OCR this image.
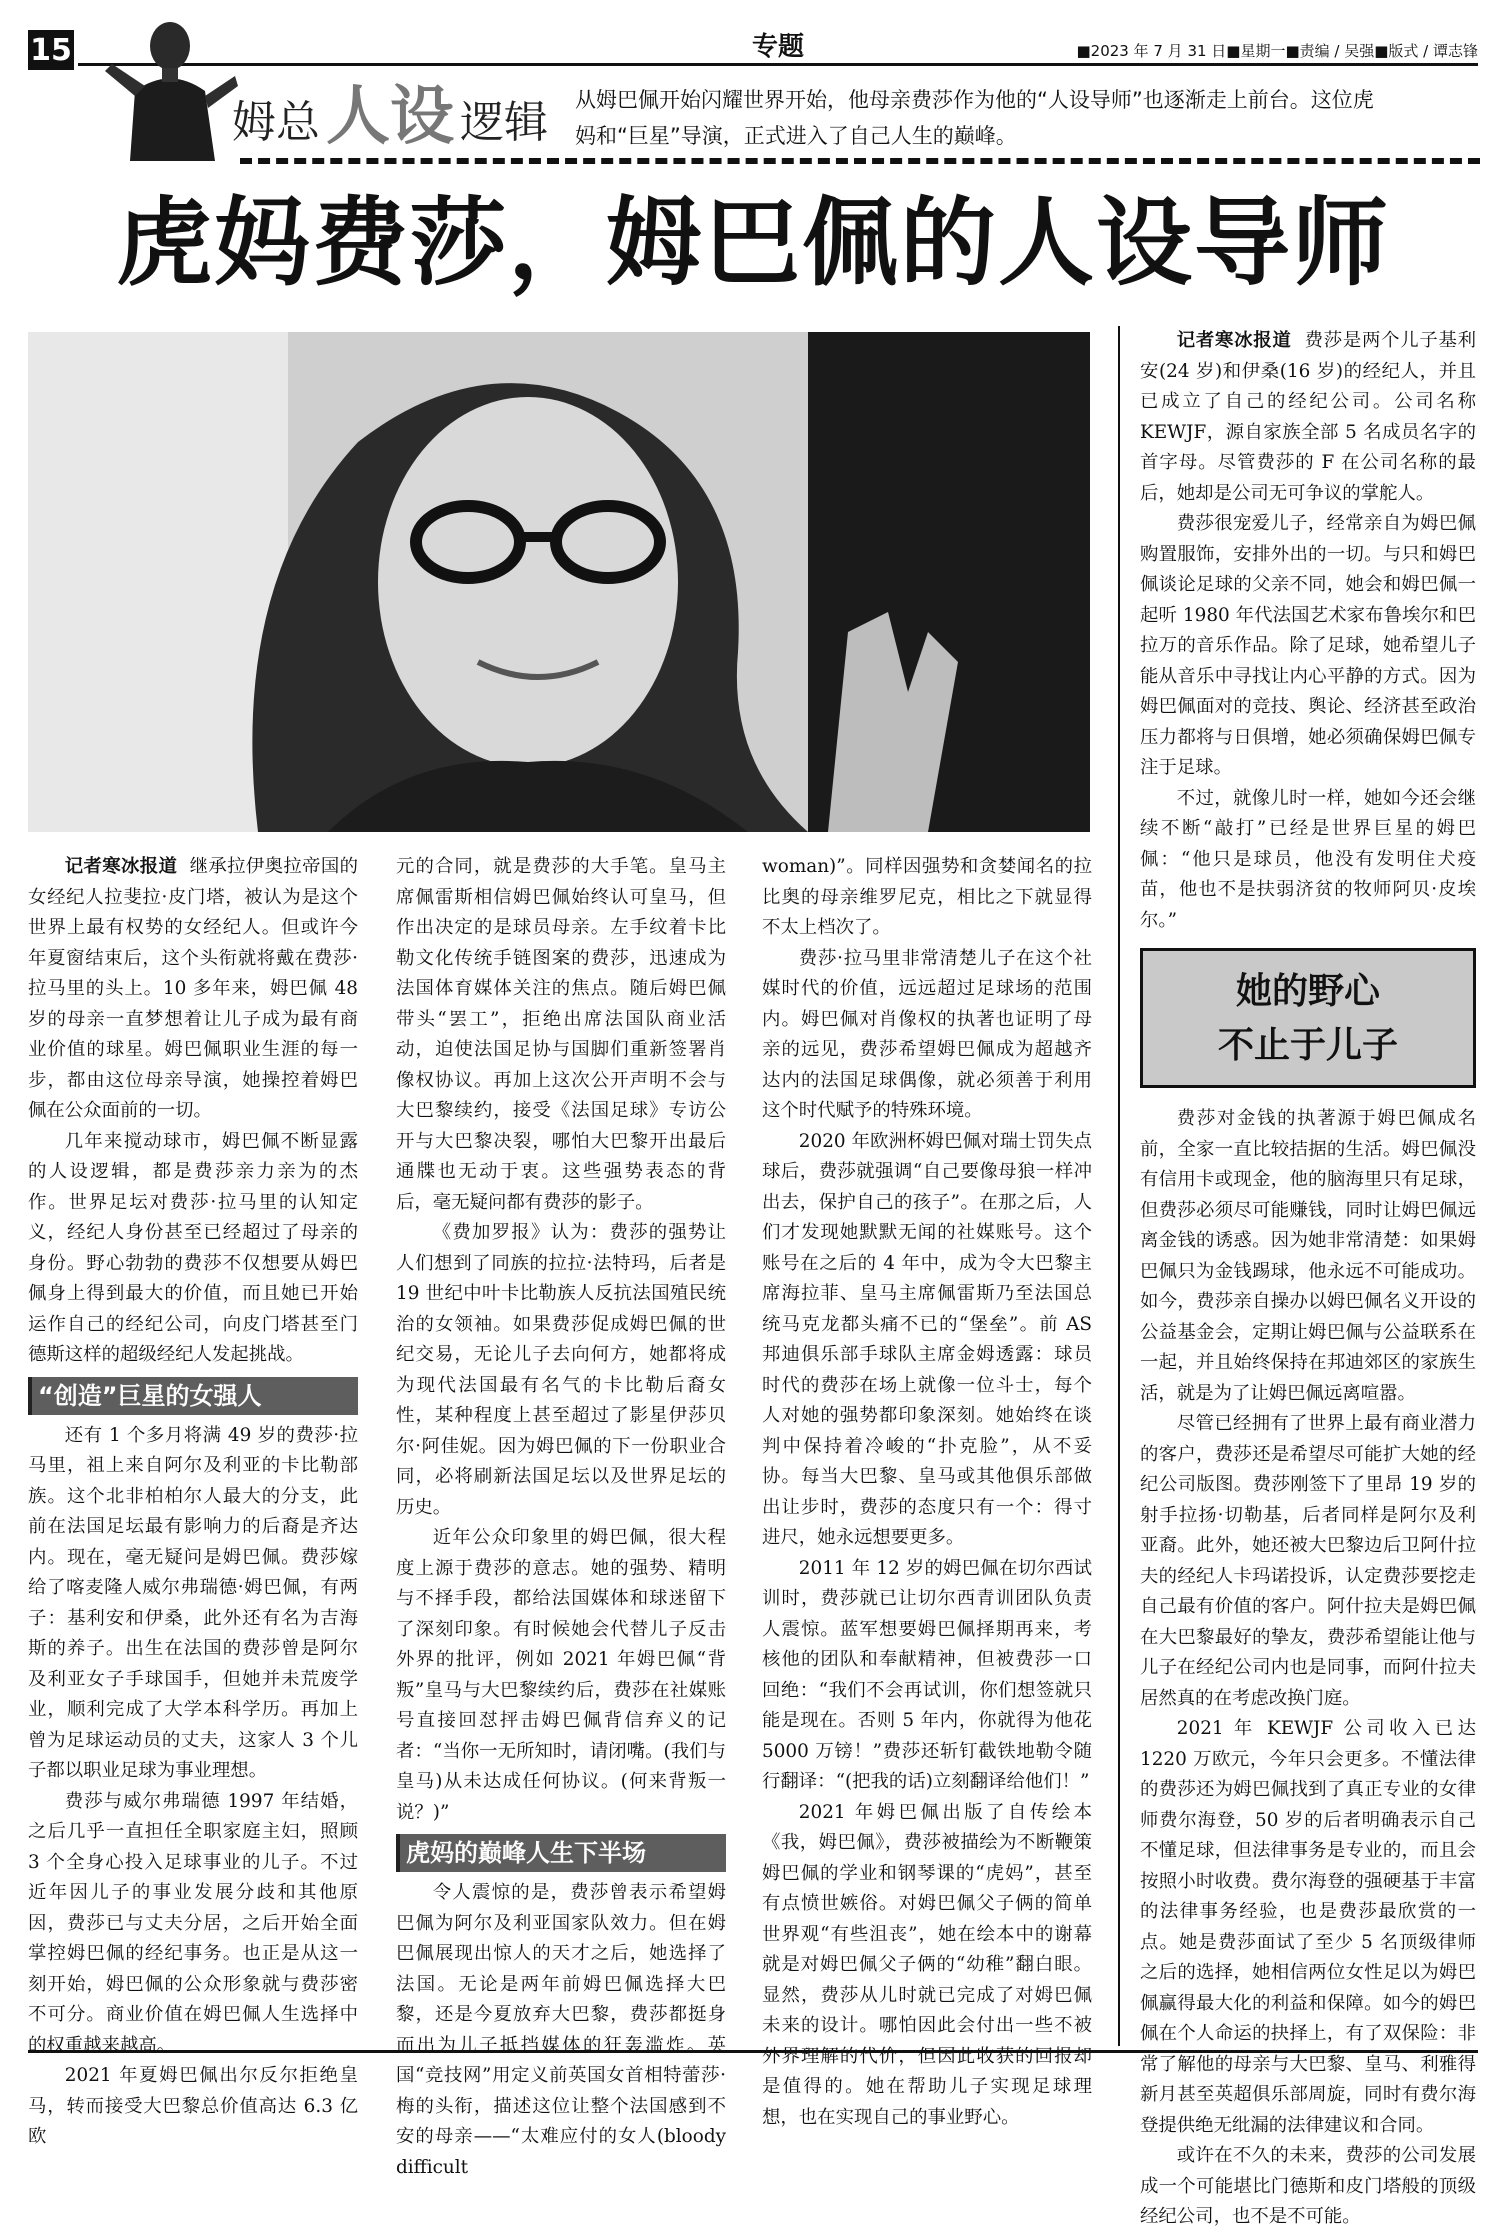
15	专题	■2023 年 7 月 31 日■星期一■责编 / 吴强■版式 / 谭志锋
姆总 人设 逻辑 从姆巴佩开始闪耀世界开始，他母亲费莎作为他的“人设导师”也逐渐走上前台。这位虎妈和“巨星”导演，正式进入了自己人生的巅峰。
虎妈费莎，姆巴佩的人设导师

记者寒冰报道 继承拉伊奥拉帝国的女经纪人拉斐拉·皮门塔，被认为是这个世界上最有权势的女经纪人。但或许今年夏窗结束后，这个头衔就将戴在费莎·拉马里的头上。10 多年来，姆巴佩 48 岁的母亲一直梦想着让儿子成为最有商业价值的球星。姆巴佩职业生涯的每一步，都由这位母亲导演，她操控着姆巴佩在公众面前的一切。

几年来搅动球市，姆巴佩不断显露的人设逻辑，都是费莎亲力亲为的杰作。世界足坛对费莎·拉马里的认知定义，经纪人身份甚至已经超过了母亲的身份。野心勃勃的费莎不仅想要从姆巴佩身上得到最大的价值，而且她已开始运作自己的经纪公司，向皮门塔甚至门德斯这样的超级经纪人发起挑战。

“创造”巨星的女强人

还有 1 个多月将满 49 岁的费莎·拉马里，祖上来自阿尔及利亚的卡比勒部族。这个北非柏柏尔人最大的分支，此前在法国足坛最有影响力的后裔是齐达内。现在，毫无疑问是姆巴佩。费莎嫁给了喀麦隆人威尔弗瑞德·姆巴佩，有两子：基利安和伊桑，此外还有名为吉海斯的养子。出生在法国的费莎曾是阿尔及利亚女子手球国手，但她并未荒废学业，顺利完成了大学本科学历。再加上曾为足球运动员的丈夫，这家人 3 个儿子都以职业足球为事业理想。

费莎与威尔弗瑞德 1997 年结婚，之后几乎一直担任全职家庭主妇，照顾 3 个全身心投入足球事业的儿子。不过近年因儿子的事业发展分歧和其他原因，费莎已与丈夫分居，之后开始全面掌控姆巴佩的经纪事务。也正是从这一刻开始，姆巴佩的公众形象就与费莎密不可分。商业价值在姆巴佩人生选择中的权重越来越高。

2021 年夏姆巴佩出尔反尔拒绝皇马，转而接受大巴黎总价值高达 6.3 亿欧

元的合同，就是费莎的大手笔。皇马主席佩雷斯相信姆巴佩始终认可皇马，但作出决定的是球员母亲。左手纹着卡比勒文化传统手链图案的费莎，迅速成为法国体育媒体关注的焦点。随后姆巴佩带头“罢工”，拒绝出席法国队商业活动，迫使法国足协与国脚们重新签署肖像权协议。再加上这次公开声明不会与大巴黎续约，接受《法国足球》专访公开与大巴黎决裂，哪怕大巴黎开出最后通牒也无动于衷。这些强势表态的背后，毫无疑问都有费莎的影子。

《费加罗报》认为：费莎的强势让人们想到了同族的拉拉·法特玛，后者是 19 世纪中叶卡比勒族人反抗法国殖民统治的女领袖。如果费莎促成姆巴佩的世纪交易，无论儿子去向何方，她都将成为现代法国最有名气的卡比勒后裔女性，某种程度上甚至超过了影星伊莎贝尔·阿佳妮。因为姆巴佩的下一份职业合同，必将刷新法国足坛以及世界足坛的历史。

近年公众印象里的姆巴佩，很大程度上源于费莎的意志。她的强势、精明与不择手段，都给法国媒体和球迷留下了深刻印象。有时候她会代替儿子反击外界的批评，例如 2021 年姆巴佩“背叛”皇马与大巴黎续约后，费莎在社媒账号直接回怼抨击姆巴佩背信弃义的记者：“当你一无所知时，请闭嘴。(我们与皇马)从未达成任何协议。(何来背叛一说？)”

虎妈的巅峰人生下半场

令人震惊的是，费莎曾表示希望姆巴佩为阿尔及利亚国家队效力。但在姆巴佩展现出惊人的天才之后，她选择了法国。无论是两年前姆巴佩选择大巴黎，还是今夏放弃大巴黎，费莎都挺身而出为儿子抵挡媒体的狂轰滥炸。英国“竞技网”用定义前英国女首相特蕾莎·梅的头衔，描述这位让整个法国感到不安的母亲——“太难应付的女人(bloody difficult

woman)”。同样因强势和贪婪闻名的拉比奥的母亲维罗尼克，相比之下就显得不太上档次了。

费莎·拉马里非常清楚儿子在这个社媒时代的价值，远远超过足球场的范围内。姆巴佩对肖像权的执著也证明了母亲的远见，费莎希望姆巴佩成为超越齐达内的法国足球偶像，就必须善于利用这个时代赋予的特殊环境。

2020 年欧洲杯姆巴佩对瑞士罚失点球后，费莎就强调“自己要像母狼一样冲出去，保护自己的孩子”。在那之后，人们才发现她默默无闻的社媒账号。这个账号在之后的 4 年中，成为令大巴黎主席海拉菲、皇马主席佩雷斯乃至法国总统马克龙都头痛不已的“堡垒”。前 AS 邦迪俱乐部手球队主席金姆透露：球员时代的费莎在场上就像一位斗士，每个人对她的强势都印象深刻。她始终在谈判中保持着冷峻的“扑克脸”，从不妥协。每当大巴黎、皇马或其他俱乐部做出让步时，费莎的态度只有一个：得寸进尺，她永远想要更多。

2011 年 12 岁的姆巴佩在切尔西试训时，费莎就已让切尔西青训团队负责人震惊。蓝军想要姆巴佩择期再来，考核他的团队和奉献精神，但被费莎一口回绝：“我们不会再试训，你们想签就只能是现在。否则 5 年内，你就得为他花 5000 万镑！”费莎还斩钉截铁地勒令随行翻译：“(把我的话)立刻翻译给他们！”

2021 年姆巴佩出版了自传绘本《我，姆巴佩》，费莎被描绘为不断鞭策姆巴佩的学业和钢琴课的“虎妈”，甚至有点愤世嫉俗。对姆巴佩父子俩的简单世界观“有些沮丧”，她在绘本中的谢幕就是对姆巴佩父子俩的“幼稚”翻白眼。显然，费莎从儿时就已完成了对姆巴佩未来的设计。哪怕因此会付出一些不被外界理解的代价，但因此收获的回报却是值得的。她在帮助儿子实现足球理想，也在实现自己的事业野心。

记者寒冰报道 费莎是两个儿子基利安(24 岁)和伊桑(16 岁)的经纪人，并且已成立了自己的经纪公司。公司名称 KEWJF，源自家族全部 5 名成员名字的首字母。尽管费莎的 F 在公司名称的最后，她却是公司无可争议的掌舵人。

费莎很宠爱儿子，经常亲自为姆巴佩购置服饰，安排外出的一切。与只和姆巴佩谈论足球的父亲不同，她会和姆巴佩一起听 1980 年代法国艺术家布鲁埃尔和巴拉万的音乐作品。除了足球，她希望儿子能从音乐中寻找让内心平静的方式。因为姆巴佩面对的竞技、舆论、经济甚至政治压力都将与日俱增，她必须确保姆巴佩专注于足球。

不过，就像儿时一样，她如今还会继续不断“敲打”已经是世界巨星的姆巴佩：“他只是球员，他没有发明住犬疫苗，他也不是扶弱济贫的牧师阿贝·皮埃尔。”

她的野心
不止于儿子

费莎对金钱的执著源于姆巴佩成名前，全家一直比较拮据的生活。姆巴佩没有信用卡或现金，他的脑海里只有足球，但费莎必须尽可能赚钱，同时让姆巴佩远离金钱的诱惑。因为她非常清楚：如果姆巴佩只为金钱踢球，他永远不可能成功。如今，费莎亲自操办以姆巴佩名义开设的公益基金会，定期让姆巴佩与公益联系在一起，并且始终保持在邦迪郊区的家族生活，就是为了让姆巴佩远离喧嚣。

尽管已经拥有了世界上最有商业潜力的客户，费莎还是希望尽可能扩大她的经纪公司版图。费莎刚签下了里昂 19 岁的射手拉扬·切勒基，后者同样是阿尔及利亚裔。此外，她还被大巴黎边后卫阿什拉夫的经纪人卡玛诺投诉，认定费莎要挖走自己最有价值的客户。阿什拉夫是姆巴佩在大巴黎最好的挚友，费莎希望能让他与儿子在经纪公司内也是同事，而阿什拉夫居然真的在考虑改换门庭。

2021 年 KEWJF 公司收入已达 1220 万欧元，今年只会更多。不懂法律的费莎还为姆巴佩找到了真正专业的女律师费尔海登，50 岁的后者明确表示自己不懂足球，但法律事务是专业的，而且会按照小时收费。费尔海登的强硬基于丰富的法律事务经验，也是费莎最欣赏的一点。她是费莎面试了至少 5 名顶级律师之后的选择，她相信两位女性足以为姆巴佩赢得最大化的利益和保障。如今的姆巴佩在个人命运的抉择上，有了双保险：非常了解他的母亲与大巴黎、皇马、利雅得新月甚至英超俱乐部周旋，同时有费尔海登提供绝无纰漏的法律建议和合同。

或许在不久的未来，费莎的公司发展成一个可能堪比门德斯和皮门塔般的顶级经纪公司，也不是不可能。
